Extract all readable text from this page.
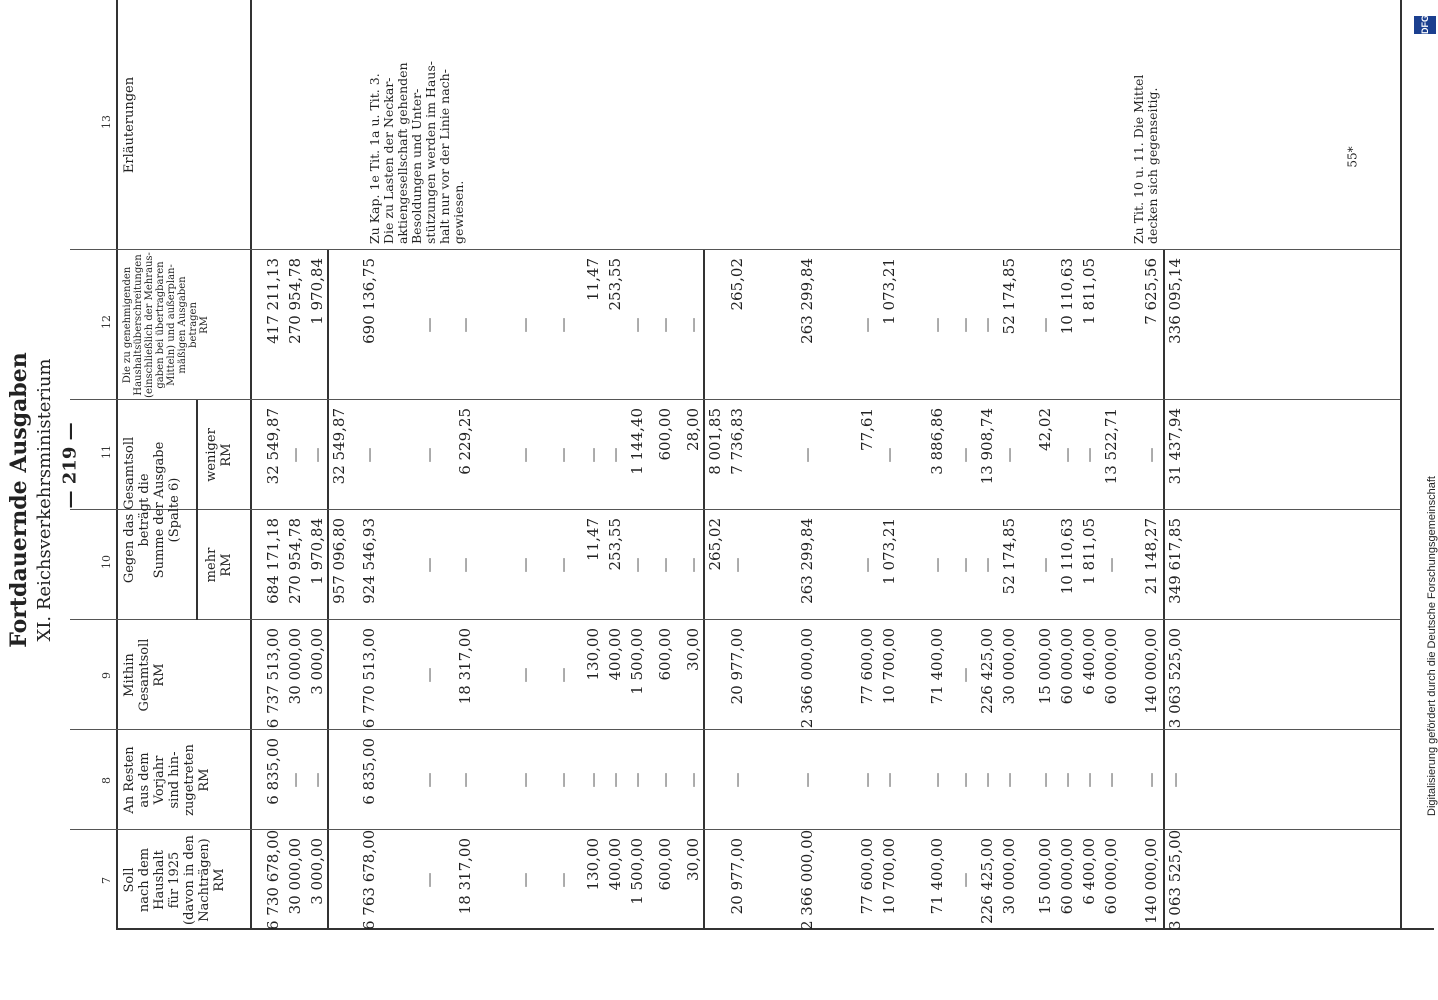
Fortdauernde Ausgaben XI. Reichsverkehrsministerium
7
8
9
10
11
12
13
Zu Kap. 1e Tit. 1a u. Tit. 3.
Die zu Lasten der Neckar-
aktiengesellschaft gehenden
Besoldungen und Unter-
stützungen werden im Haus-
halt nur vor der Linie nach-
gewiesen.	Zu Tit. 10 u. 11. Die Mittel
decken sich gegenseitig.
6 730 678,00
6 835,00
6 737 513,00
684 171,18
32 549,87
417 211,13
30 000,00
—
30 000,00
270 954,78
—
270 954,78
3 000,00
—
3 000,00
1 970,84
—
1 970,84
957 096,80
32 549,87
6 763 678,00
6 835,00
6 770 513,00
924 546,93
—
690 136,75
—
—
—
—
—
—
18 317,00
—
18 317,00
—
6 229,25
—
—
—
—
—
—
—
—
—
—
—
—
—
130,00
—
130,00
11,47
—
11,47
400,00
—
400,00
253,55
—
253,55
1 500,00
—
1 500,00
—
1 144,40
—
600,00
—
600,00
—
600,00
—
30,00
—
30,00
—
28,00
—
265,02
8 001,85
20 977,00
—
20 977,00
—
7 736,83
265,02
2 366 000,00
—
2 366 000,00
263 299,84
—
263 299,84
77 600,00
—
77 600,00
—
77,61
—
10 700,00
—
10 700,00
1 073,21
—
1 073,21
71 400,00
—
71 400,00
—
3 886,86
—
—
—
—
—
—
—
226 425,00
—
226 425,00
—
13 908,74
—
30 000,00
—
30 000,00
52 174,85
—
52 174,85
15 000,00
—
15 000,00
—
42,02
—
60 000,00
—
60 000,00
10 110,63
—
10 110,63
6 400,00
—
6 400,00
1 811,05
—
1 811,05
60 000,00
—
60 000,00
—
13 522,71
140 000,00
—
140 000,00
21 148,27
—
7 625,56
3 063 525,00
—
3 063 525,00
349 617,85
31 437,94
336 095,14
Soll
nach dem
Haushalt
für 1925
(davon in den
Nachträgen)
RM
An Resten
aus dem
Vorjahr
sind hin-
zugetreten
RM
Mithin
Gesamtsoll
RM
Die zu genehmigenden
Haushaltsüberschreitungen
(einschließlich der Mehraus-
gaben bei übertragbaren
Mitteln) und außerplan-
mäßigen Ausgaben
betragen
RM
Erläuterungen
Gegen das Gesamtsoll
beträgt die
Summe der Ausgabe
(Spalte 6)
mehr
RM
weniger
RM
— 219 —
55*
Digitalisierung gefördert durch die Deutsche Forschungsgemeinschaft
DFG
